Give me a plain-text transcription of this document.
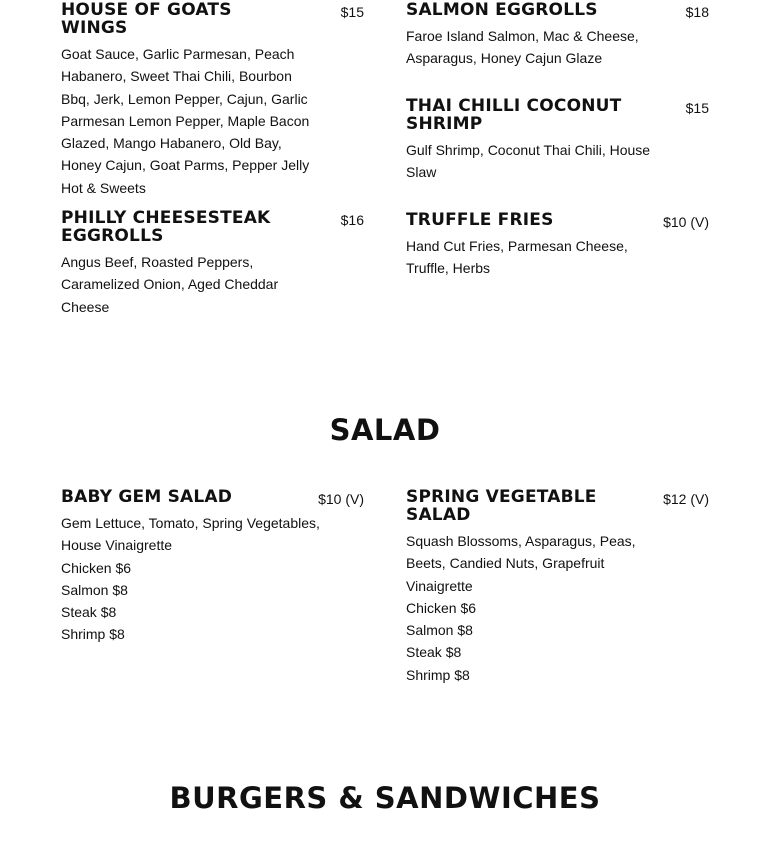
HOUSE OF GOATS WINGS
$15

Goat Sauce, Garlic Parmesan, Peach Habanero, Sweet Thai Chili, Bourbon Bbq, Jerk, Lemon Pepper, Cajun, Garlic Parmesan Lemon Pepper, Maple Bacon Glazed, Mango Habanero, Old Bay, Honey Cajun, Goat Parms, Pepper Jelly Hot & Sweets

SALMON EGGROLLS	$18

Faroe Island Salmon, Mac & Cheese, Asparagus, Honey Cajun Glaze

THAI CHILLI COCONUT SHRIMP
$15

Gulf Shrimp, Coconut Thai Chili, House Slaw

PHILLY CHEESESTEAK EGGROLLS
$16

Angus Beef, Roasted Peppers, Caramelized Onion, Aged Cheddar Cheese

TRUFFLE FRIES	$10 (V)

Hand Cut Fries, Parmesan Cheese, Truffle, Herbs

SALAD
BABY GEM SALAD	$10 (V)

Gem Lettuce, Tomato, Spring Vegetables, House Vinaigrette

Chicken $6

Salmon $8

Steak $8

Shrimp $8

SPRING VEGETABLE SALAD
$12 (V)

Squash Blossoms, Asparagus, Peas, Beets, Candied Nuts, Grapefruit Vinaigrette

Chicken $6

Salmon $8

Steak $8

Shrimp $8

BURGERS & SANDWICHES
